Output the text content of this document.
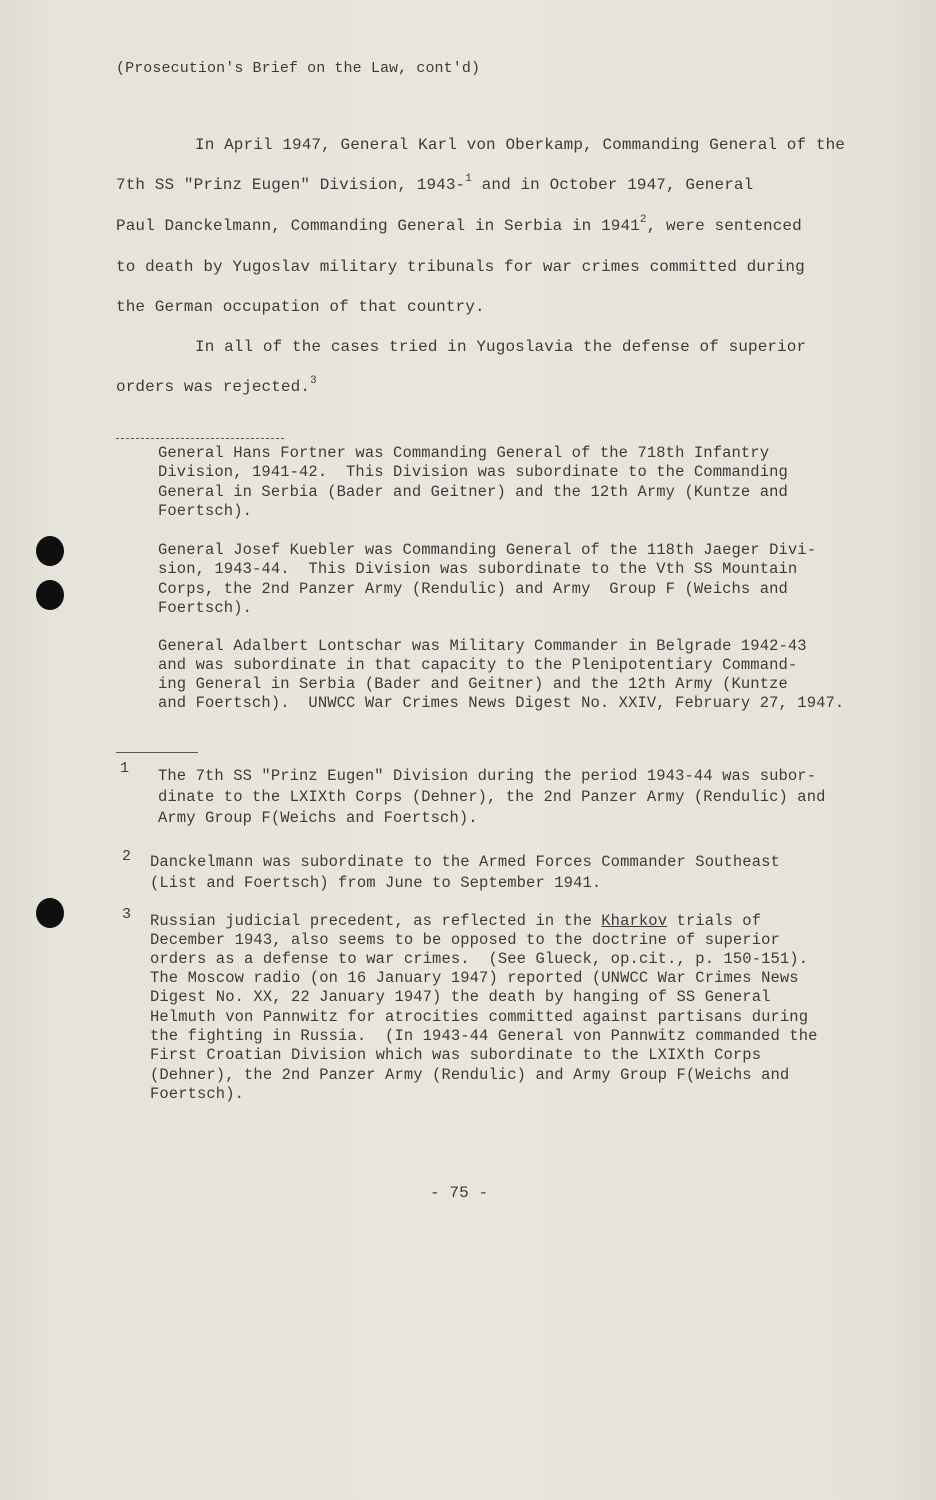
(Prosecution's Brief on the Law, cont'd)
In April 1947, General Karl von Oberkamp, Commanding General of the
7th SS "Prinz Eugen" Division, 1943-$^1$ and in October 1947, General
Paul Danckelmann, Commanding General in Serbia in 1941$^2$, were sentenced
to death by Yugoslav military tribunals for war crimes committed during
the German occupation of that country.
In all of the cases tried in Yugoslavia the defense of superior
orders was rejected.$^3$
General Hans Fortner was Commanding General of the 718th Infantry
Division, 1941-42.  This Division was subordinate to the Commanding
General in Serbia (Bader and Geitner) and the 12th Army (Kuntze and
Foertsch).
General Josef Kuebler was Commanding General of the 118th Jaeger Divi-
sion, 1943-44.  This Division was subordinate to the Vth SS Mountain
Corps, the 2nd Panzer Army (Rendulic) and Army  Group F (Weichs and
Foertsch).
General Adalbert Lontschar was Military Commander in Belgrade 1942-43
and was subordinate in that capacity to the Plenipotentiary Command-
ing General in Serbia (Bader and Geitner) and the 12th Army (Kuntze
and Foertsch).  UNWCC War Crimes News Digest No. XXIV, February 27, 1947.
1 The 7th SS "Prinz Eugen" Division during the period 1943-44 was subor-
dinate to the LXIXth Corps (Dehner), the 2nd Panzer Army (Rendulic) and
Army Group F(Weichs and Foertsch).
2 Danckelmann was subordinate to the Armed Forces Commander Southeast
(List and Foertsch) from June to September 1941.
3 Russian judicial precedent, as reflected in the Kharkov trials of
December 1943, also seems to be opposed to the doctrine of superior
orders as a defense to war crimes.  (See Glueck, op.cit., p. 150-151).
The Moscow radio (on 16 January 1947) reported (UNWCC War Crimes News
Digest No. XX, 22 January 1947) the death by hanging of SS General
Helmuth von Pannwitz for atrocities committed against partisans during
the fighting in Russia.  (In 1943-44 General von Pannwitz commanded the
First Croatian Division which was subordinate to the LXIXth Corps
(Dehner), the 2nd Panzer Army (Rendulic) and Army Group F(Weichs and
Foertsch).
- 75 -
